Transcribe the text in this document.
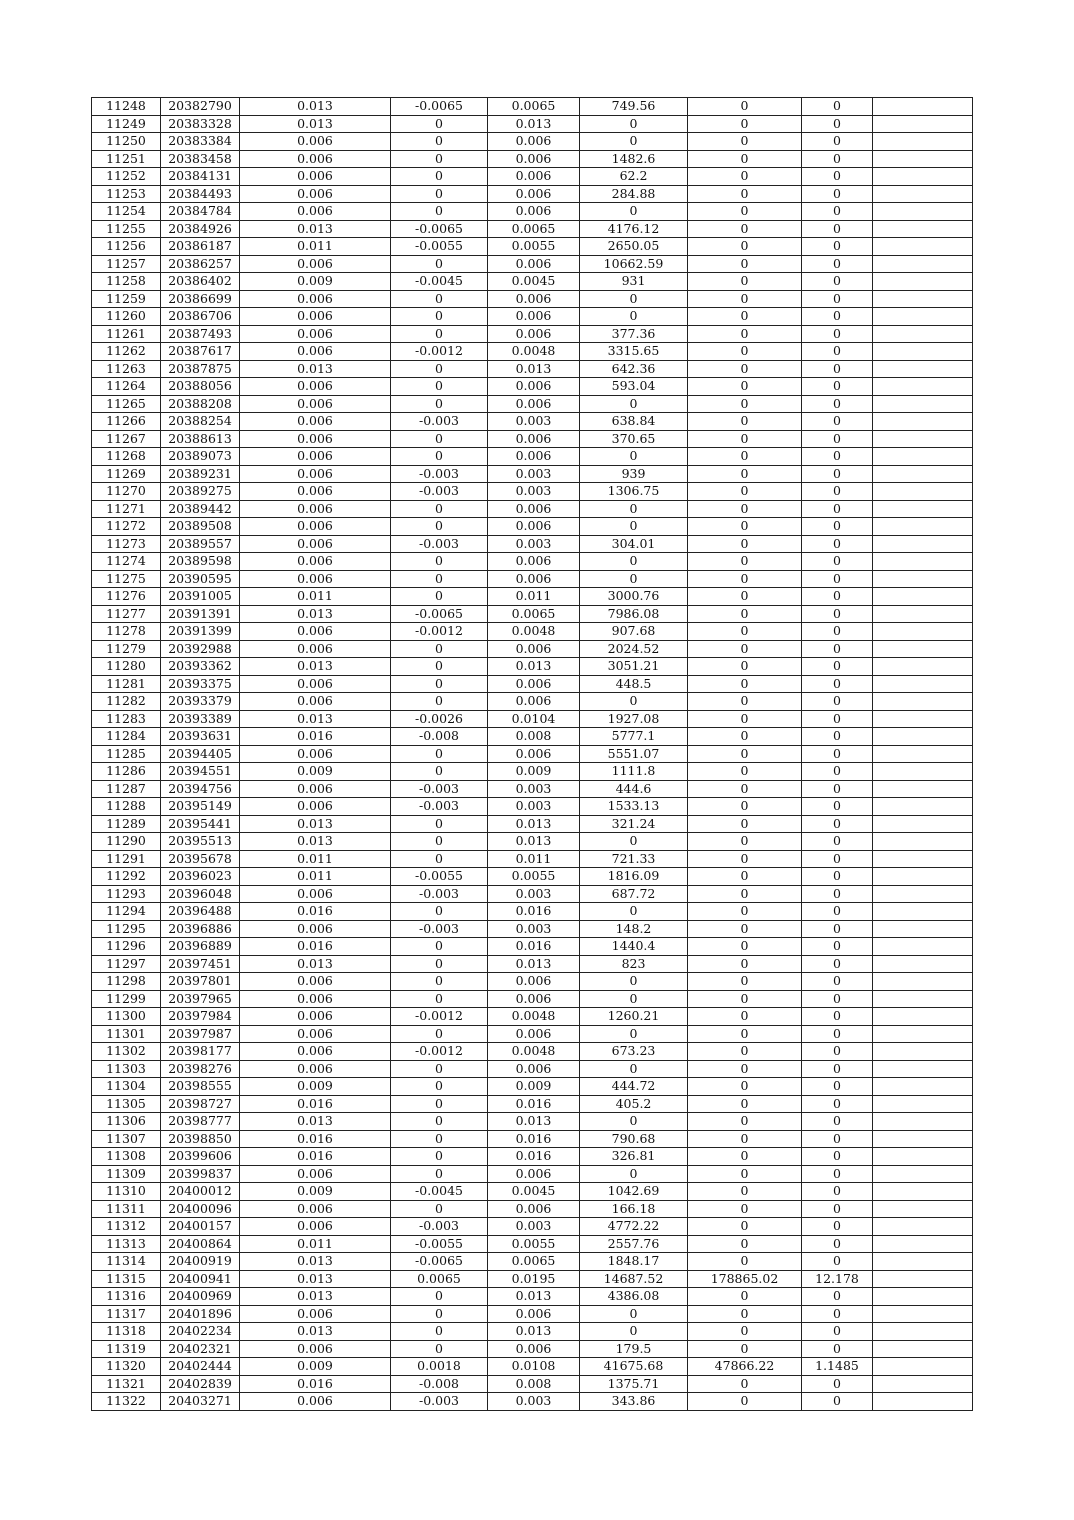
11248	20382790	0.013	-0.0065	0.0065	749.56	0	0	
11249	20383328	0.013	0	0.013	0	0	0	
11250	20383384	0.006	0	0.006	0	0	0	
11251	20383458	0.006	0	0.006	1482.6	0	0	
11252	20384131	0.006	0	0.006	62.2	0	0	
11253	20384493	0.006	0	0.006	284.88	0	0	
11254	20384784	0.006	0	0.006	0	0	0	
11255	20384926	0.013	-0.0065	0.0065	4176.12	0	0	
11256	20386187	0.011	-0.0055	0.0055	2650.05	0	0	
11257	20386257	0.006	0	0.006	10662.59	0	0	
11258	20386402	0.009	-0.0045	0.0045	931	0	0	
11259	20386699	0.006	0	0.006	0	0	0	
11260	20386706	0.006	0	0.006	0	0	0	
11261	20387493	0.006	0	0.006	377.36	0	0	
11262	20387617	0.006	-0.0012	0.0048	3315.65	0	0	
11263	20387875	0.013	0	0.013	642.36	0	0	
11264	20388056	0.006	0	0.006	593.04	0	0	
11265	20388208	0.006	0	0.006	0	0	0	
11266	20388254	0.006	-0.003	0.003	638.84	0	0	
11267	20388613	0.006	0	0.006	370.65	0	0	
11268	20389073	0.006	0	0.006	0	0	0	
11269	20389231	0.006	-0.003	0.003	939	0	0	
11270	20389275	0.006	-0.003	0.003	1306.75	0	0	
11271	20389442	0.006	0	0.006	0	0	0	
11272	20389508	0.006	0	0.006	0	0	0	
11273	20389557	0.006	-0.003	0.003	304.01	0	0	
11274	20389598	0.006	0	0.006	0	0	0	
11275	20390595	0.006	0	0.006	0	0	0	
11276	20391005	0.011	0	0.011	3000.76	0	0	
11277	20391391	0.013	-0.0065	0.0065	7986.08	0	0	
11278	20391399	0.006	-0.0012	0.0048	907.68	0	0	
11279	20392988	0.006	0	0.006	2024.52	0	0	
11280	20393362	0.013	0	0.013	3051.21	0	0	
11281	20393375	0.006	0	0.006	448.5	0	0	
11282	20393379	0.006	0	0.006	0	0	0	
11283	20393389	0.013	-0.0026	0.0104	1927.08	0	0	
11284	20393631	0.016	-0.008	0.008	5777.1	0	0	
11285	20394405	0.006	0	0.006	5551.07	0	0	
11286	20394551	0.009	0	0.009	1111.8	0	0	
11287	20394756	0.006	-0.003	0.003	444.6	0	0	
11288	20395149	0.006	-0.003	0.003	1533.13	0	0	
11289	20395441	0.013	0	0.013	321.24	0	0	
11290	20395513	0.013	0	0.013	0	0	0	
11291	20395678	0.011	0	0.011	721.33	0	0	
11292	20396023	0.011	-0.0055	0.0055	1816.09	0	0	
11293	20396048	0.006	-0.003	0.003	687.72	0	0	
11294	20396488	0.016	0	0.016	0	0	0	
11295	20396886	0.006	-0.003	0.003	148.2	0	0	
11296	20396889	0.016	0	0.016	1440.4	0	0	
11297	20397451	0.013	0	0.013	823	0	0	
11298	20397801	0.006	0	0.006	0	0	0	
11299	20397965	0.006	0	0.006	0	0	0	
11300	20397984	0.006	-0.0012	0.0048	1260.21	0	0	
11301	20397987	0.006	0	0.006	0	0	0	
11302	20398177	0.006	-0.0012	0.0048	673.23	0	0	
11303	20398276	0.006	0	0.006	0	0	0	
11304	20398555	0.009	0	0.009	444.72	0	0	
11305	20398727	0.016	0	0.016	405.2	0	0	
11306	20398777	0.013	0	0.013	0	0	0	
11307	20398850	0.016	0	0.016	790.68	0	0	
11308	20399606	0.016	0	0.016	326.81	0	0	
11309	20399837	0.006	0	0.006	0	0	0	
11310	20400012	0.009	-0.0045	0.0045	1042.69	0	0	
11311	20400096	0.006	0	0.006	166.18	0	0	
11312	20400157	0.006	-0.003	0.003	4772.22	0	0	
11313	20400864	0.011	-0.0055	0.0055	2557.76	0	0	
11314	20400919	0.013	-0.0065	0.0065	1848.17	0	0	
11315	20400941	0.013	0.0065	0.0195	14687.52	178865.02	12.178	
11316	20400969	0.013	0	0.013	4386.08	0	0	
11317	20401896	0.006	0	0.006	0	0	0	
11318	20402234	0.013	0	0.013	0	0	0	
11319	20402321	0.006	0	0.006	179.5	0	0	
11320	20402444	0.009	0.0018	0.0108	41675.68	47866.22	1.1485	
11321	20402839	0.016	-0.008	0.008	1375.71	0	0	
11322	20403271	0.006	-0.003	0.003	343.86	0	0	
